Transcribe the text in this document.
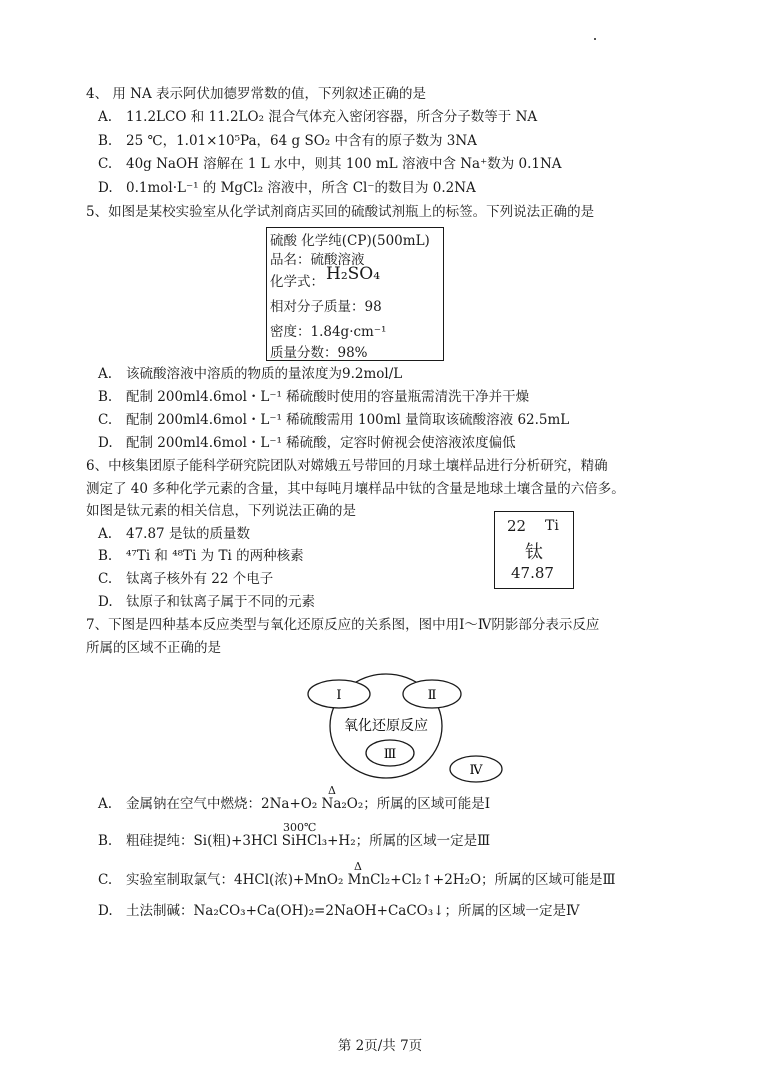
4、 用 NA 表示阿伏加德罗常数的值，下列叙述正确的是
A. 11.2LCO 和 11.2LO₂ 混合气体充入密闭容器，所含分子数等于 NA
B. 25 ℃，1.01×10⁵Pa，64 g SO₂ 中含有的原子数为 3NA
C. 40g NaOH 溶解在 1 L 水中，则其 100 mL 溶液中含 Na⁺数为 0.1NA
D. 0.1mol·L⁻¹ 的 MgCl₂ 溶液中，所含 Cl⁻的数目为 0.2NA
5、如图是某校实验室从化学试剂商店买回的硫酸试剂瓶上的标签。下列说法正确的是
硫酸 化学纯(CP)(500mL)
品名：硫酸溶液
化学式： H₂SO₄
相对分子质量：98
密度：1.84g·cm⁻¹
质量分数：98%
A. 该硫酸溶液中溶质的物质的量浓度为9.2mol/L
B. 配制 200ml4.6mol・L⁻¹ 稀硫酸时使用的容量瓶需清洗干净并干燥
C. 配制 200ml4.6mol・L⁻¹ 稀硫酸需用 100ml 量筒取该硫酸溶液 62.5mL
D. 配制 200ml4.6mol・L⁻¹ 稀硫酸，定容时俯视会使溶液浓度偏低
6、中核集团原子能科学研究院团队对嫦娥五号带回的月球土壤样品进行分析研究，精确
测定了 40 多种化学元素的含量，其中每吨月壤样品中钛的含量是地球土壤含量的六倍多。
如图是钛元素的相关信息，下列说法正确的是
22 Ti
钛
47.87
A. 47.87 是钛的质量数
B. ⁴⁷Ti 和 ⁴⁸Ti 为 Ti 的两种核素
C. 钛离子核外有 22 个电子
D. 钛原子和钛离子属于不同的元素
7、下图是四种基本反应类型与氧化还原反应的关系图，图中用Ⅰ～Ⅳ阴影部分表示反应
所属的区域不正确的是
Ⅰ	Ⅱ
氧化还原反应
Ⅲ
Ⅳ
A. 金属钠在空气中燃烧：2Na+O₂ Na₂O₂；所属的区域可能是Ⅰ
Δ
B. 粗硅提纯：Si(粗)+3HCl SiHCl₃+H₂；所属的区域一定是Ⅲ
300℃
C. 实验室制取氯气：4HCl(浓)+MnO₂ MnCl₂+Cl₂↑+2H₂O；所属的区域可能是Ⅲ
Δ
D. 土法制碱：Na₂CO₃+Ca(OH)₂=2NaOH+CaCO₃↓；所属的区域一定是Ⅳ
第 2页/共 7页
